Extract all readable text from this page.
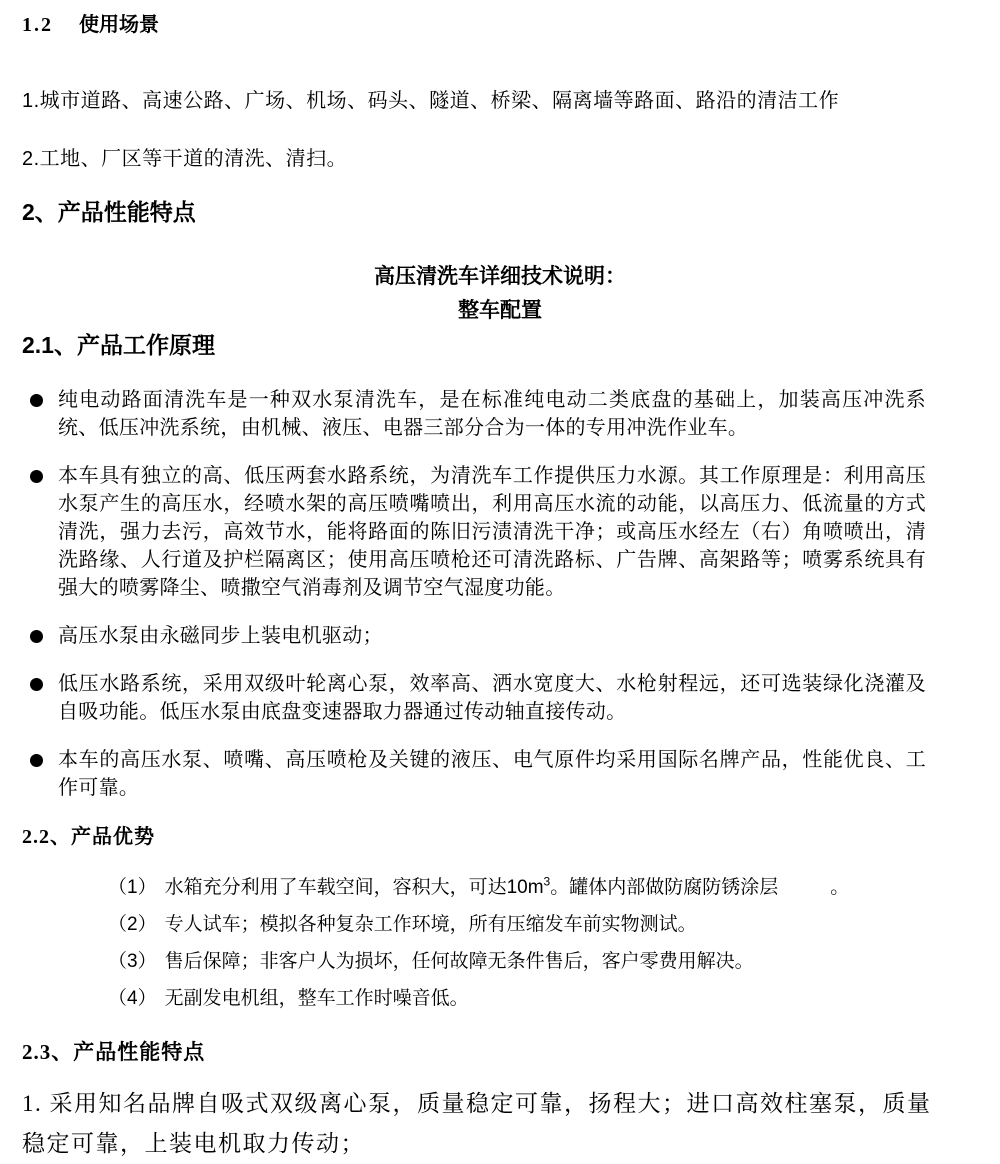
1.2 使用场景

1.城市道路、高速公路、广场、机场、码头、隧道、桥梁、隔离墙等路面、路沿的清洁工作

2.工地、厂区等干道的清洗、清扫。

2、产品性能特点
高压清洗车详细技术说明：
整车配置
2.1、产品工作原理
纯电动路面清洗车是一种双水泵清洗车，是在标准纯电动二类底盘的基础上，加装高压冲洗系统、低压冲洗系统，由机械、液压、电器三部分合为一体的专用冲洗作业车。
本车具有独立的高、低压两套水路系统，为清洗车工作提供压力水源。其工作原理是：利用高压水泵产生的高压水，经喷水架的高压喷嘴喷出，利用高压水流的动能，以高压力、低流量的方式清洗，强力去污，高效节水，能将路面的陈旧污渍清洗干净；或高压水经左（右）角喷喷出，清洗路缘、人行道及护栏隔离区；使用高压喷枪还可清洗路标、广告牌、高架路等；喷雾系统具有强大的喷雾降尘、喷撒空气消毒剂及调节空气湿度功能。
高压水泵由永磁同步上装电机驱动；
低压水路系统，采用双级叶轮离心泵，效率高、洒水宽度大、水枪射程远，还可选装绿化浇灌及自吸功能。低压水泵由底盘变速器取力器通过传动轴直接传动。
本车的高压水泵、喷嘴、高压喷枪及关键的液压、电气原件均采用国际名牌产品，性能优良、工作可靠。
2.2、产品优势
（1） 水箱充分利用了车载空间，容积大，可达$10m^3$。罐体内部做防腐防锈涂层	。
（2） 专人试车；模拟各种复杂工作环境，所有压缩发车前实物测试。
（3） 售后保障；非客户人为损坏，任何故障无条件售后，客户零费用解决。
（4） 无副发电机组，整车工作时噪音低。
2.3、产品性能特点

1. 采用知名品牌自吸式双级离心泵，质量稳定可靠，扬程大；进口高效柱塞泵，质量稳定可靠，上装电机取力传动；
